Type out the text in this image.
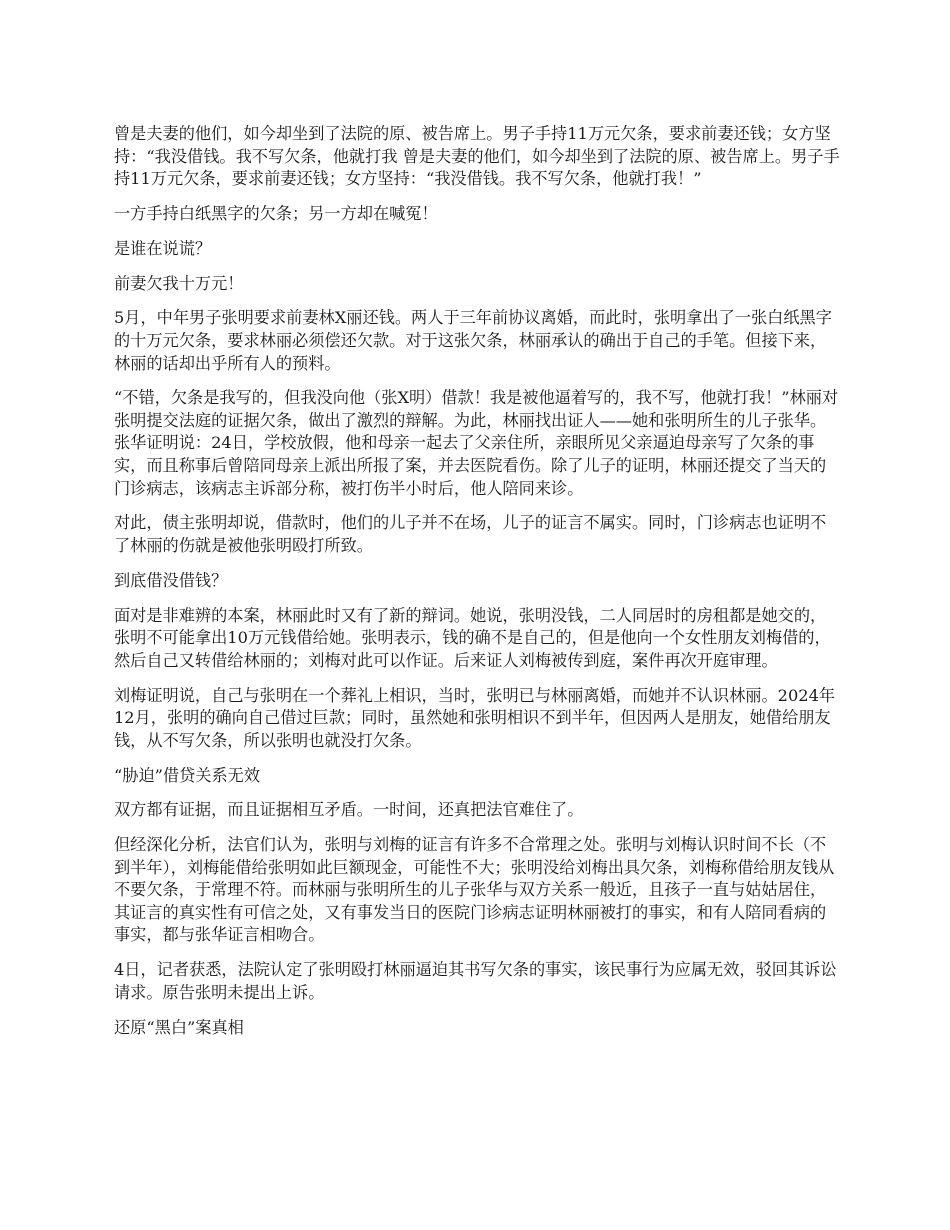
曾是夫妻的他们，如今却坐到了法院的原、被告席上。男子手持11万元欠条，要求前妻还钱；女方坚持：“我没借钱。我不写欠条，他就打我 曾是夫妻的他们，如今却坐到了法院的原、被告席上。男子手持11万元欠条，要求前妻还钱；女方坚持：“我没借钱。我不写欠条，他就打我！”

一方手持白纸黑字的欠条；另一方却在喊冤！

是谁在说谎？

前妻欠我十万元！

5月，中年男子张明要求前妻林X丽还钱。两人于三年前协议离婚，而此时，张明拿出了一张白纸黑字的十万元欠条，要求林丽必须偿还欠款。对于这张欠条，林丽承认的确出于自己的手笔。但接下来，林丽的话却出乎所有人的预料。

“不错，欠条是我写的，但我没向他（张X明）借款！我是被他逼着写的，我不写，他就打我！”林丽对张明提交法庭的证据欠条，做出了激烈的辩解。为此，林丽找出证人——她和张明所生的儿子张华。张华证明说：24日，学校放假，他和母亲一起去了父亲住所，亲眼所见父亲逼迫母亲写了欠条的事实，而且称事后曾陪同母亲上派出所报了案，并去医院看伤。除了儿子的证明，林丽还提交了当天的门诊病志，该病志主诉部分称，被打伤半小时后，他人陪同来诊。

对此，债主张明却说，借款时，他们的儿子并不在场，儿子的证言不属实。同时，门诊病志也证明不了林丽的伤就是被他张明殴打所致。

到底借没借钱？

面对是非难辨的本案，林丽此时又有了新的辩词。她说，张明没钱，二人同居时的房租都是她交的，张明不可能拿出10万元钱借给她。张明表示，钱的确不是自己的，但是他向一个女性朋友刘梅借的，然后自己又转借给林丽的；刘梅对此可以作证。后来证人刘梅被传到庭，案件再次开庭审理。

刘梅证明说，自己与张明在一个葬礼上相识，当时，张明已与林丽离婚，而她并不认识林丽。2024年12月，张明的确向自己借过巨款；同时，虽然她和张明相识不到半年，但因两人是朋友，她借给朋友钱，从不写欠条，所以张明也就没打欠条。

“胁迫”借贷关系无效

双方都有证据，而且证据相互矛盾。一时间，还真把法官难住了。

但经深化分析，法官们认为，张明与刘梅的证言有许多不合常理之处。张明与刘梅认识时间不长（不到半年），刘梅能借给张明如此巨额现金，可能性不大；张明没给刘梅出具欠条，刘梅称借给朋友钱从不要欠条，于常理不符。而林丽与张明所生的儿子张华与双方关系一般近，且孩子一直与姑姑居住，其证言的真实性有可信之处，又有事发当日的医院门诊病志证明林丽被打的事实，和有人陪同看病的事实，都与张华证言相吻合。

4日，记者获悉，法院认定了张明殴打林丽逼迫其书写欠条的事实，该民事行为应属无效，驳回其诉讼请求。原告张明未提出上诉。

还原“黑白”案真相
